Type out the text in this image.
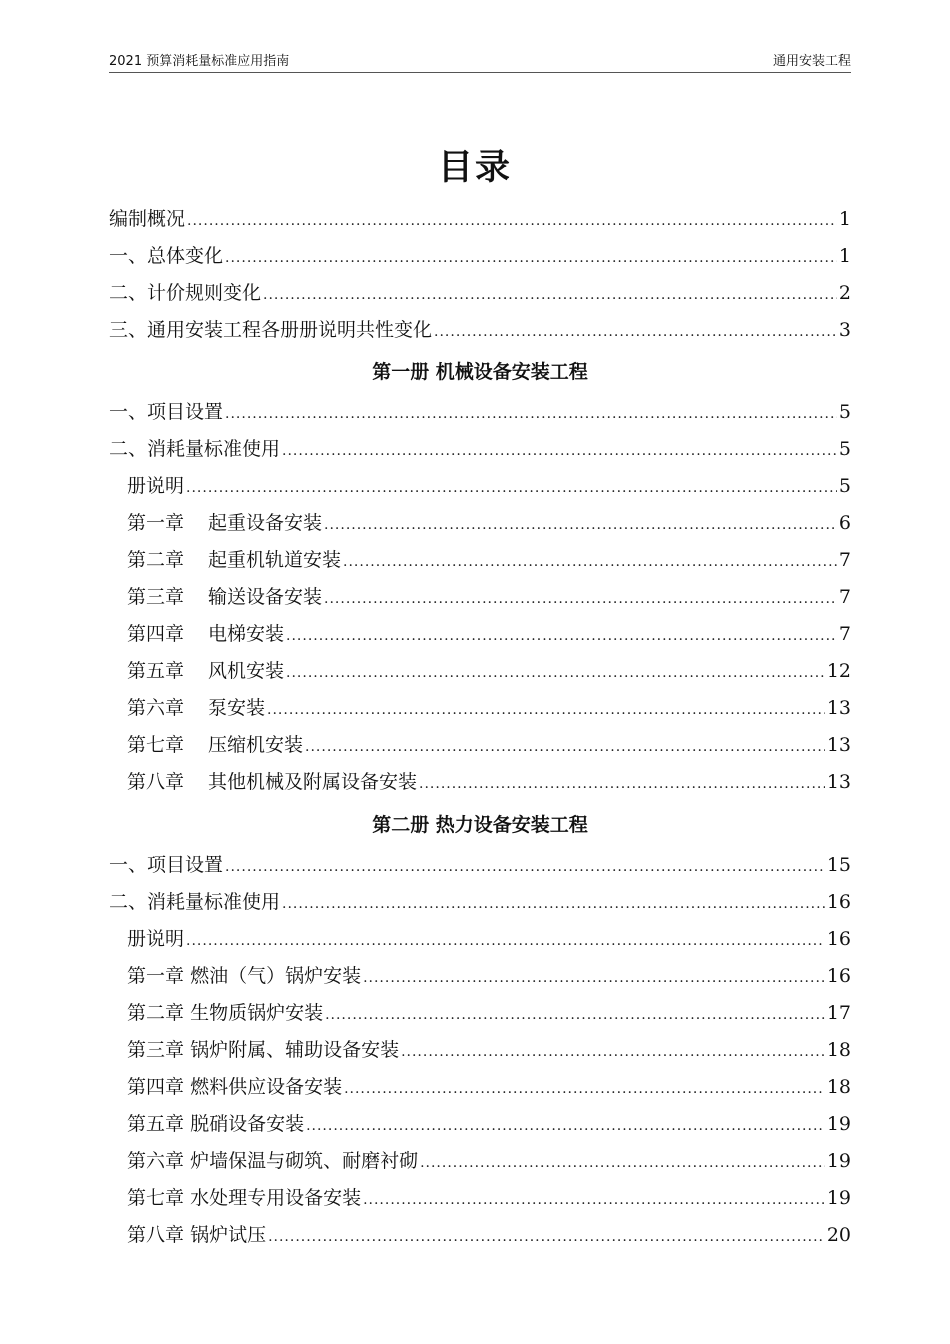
2021 预算消耗量标准应用指南	通用安装工程
目录
编制概况 .....	1
一、总体变化 .....	1
二、计价规则变化 .....	2
三、通用安装工程各册册说明共性变化 .....	3
第一册 机械设备安装工程
一、项目设置 .....	5
二、消耗量标准使用 .....	5
册说明 .....	5
第一章 起重设备安装 .....	6
第二章 起重机轨道安装 .....	7
第三章 输送设备安装 .....	7
第四章 电梯安装 .....	7
第五章 风机安装 .....	12
第六章 泵安装 .....	13
第七章 压缩机安装 .....	13
第八章 其他机械及附属设备安装 .....	13
第二册 热力设备安装工程
一、项目设置 .....	15
二、消耗量标准使用 .....	16
册说明 .....	16
第一章 燃油（气）锅炉安装 .....	16
第二章 生物质锅炉安装 .....	17
第三章 锅炉附属、辅助设备安装 .....	18
第四章 燃料供应设备安装 .....	18
第五章 脱硝设备安装 .....	19
第六章 炉墙保温与砌筑、耐磨衬砌 .....	19
第七章 水处理专用设备安装 .....	19
第八章 锅炉试压 .....	20
